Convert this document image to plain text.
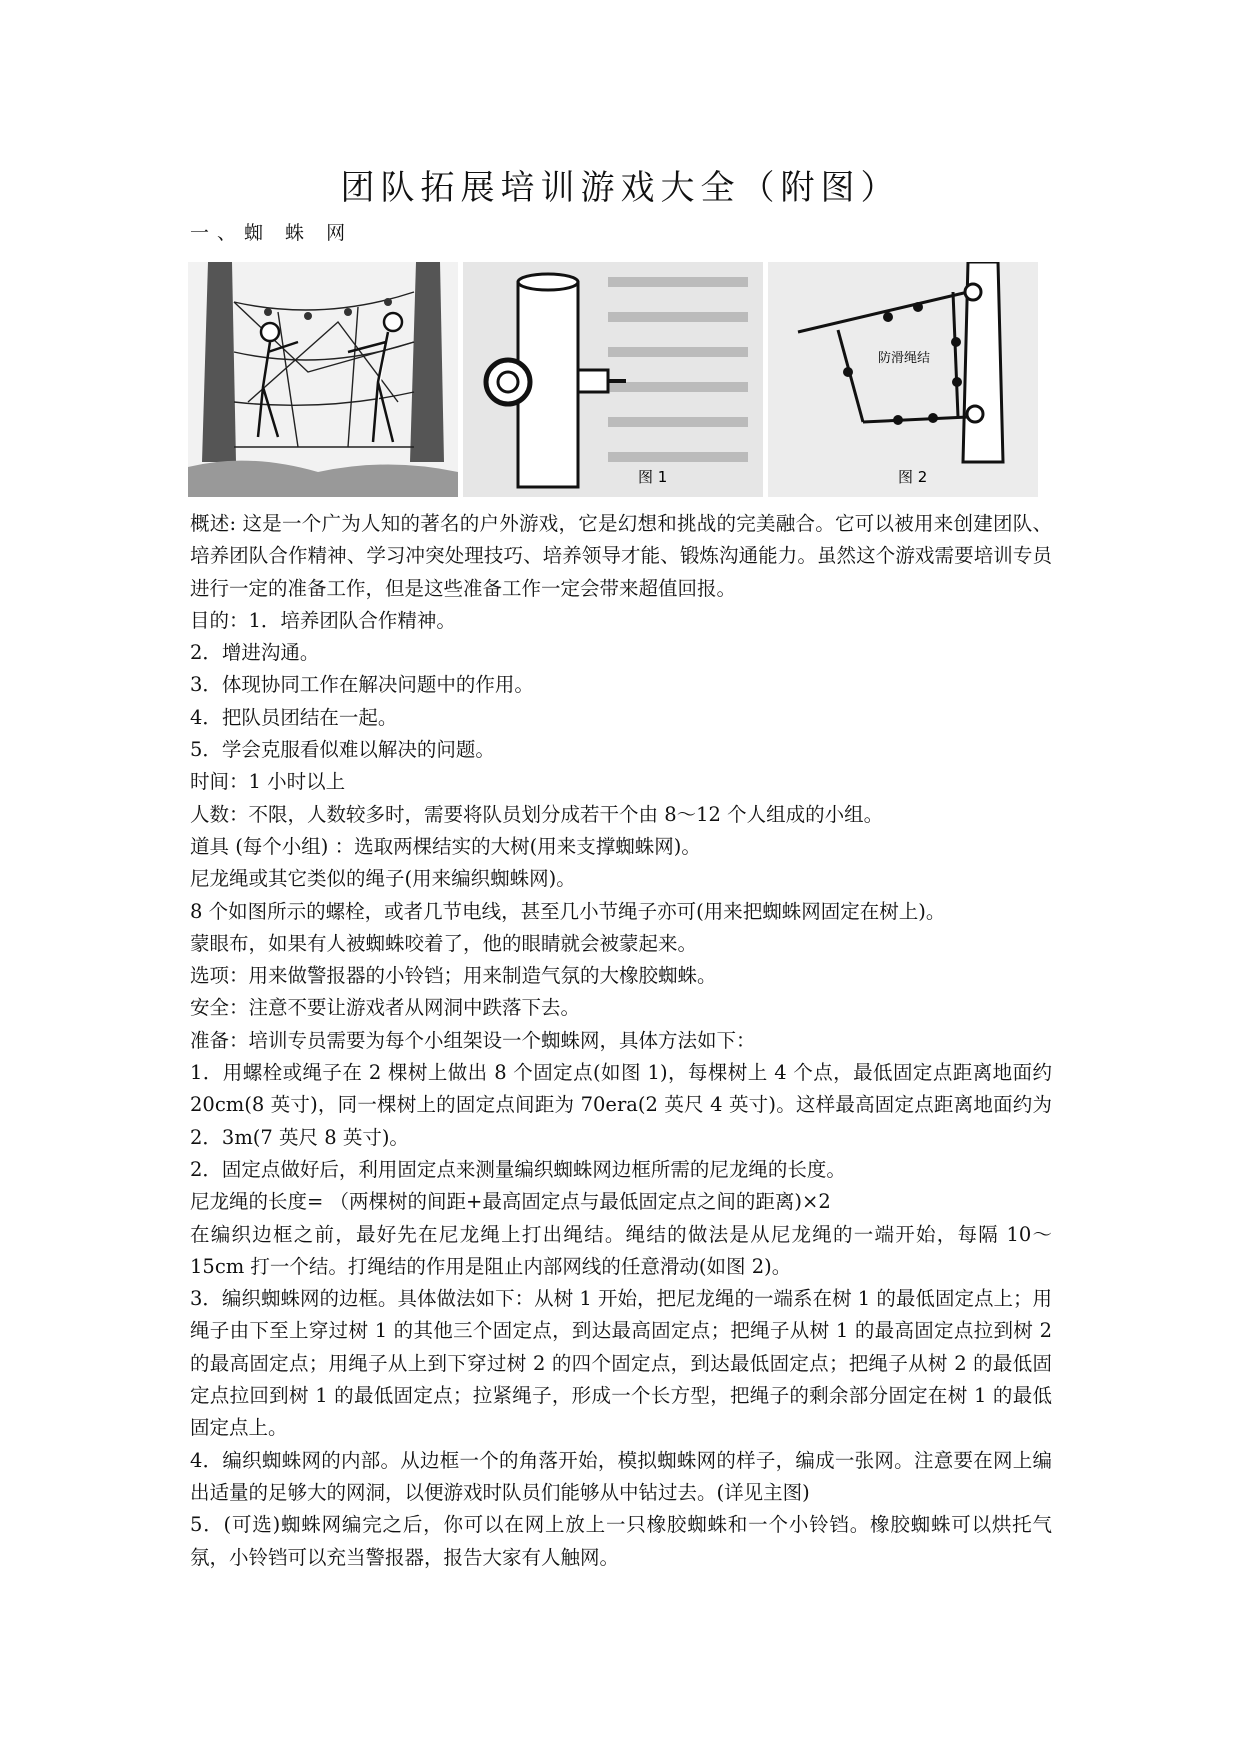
团队拓展培训游戏大全（附图）
一、蜘 蛛 网
图 1
防滑绳结
图 2

概述: 这是一个广为人知的著名的户外游戏，它是幻想和挑战的完美融合。它可以被用来创建团队、培养团队合作精神、学习冲突处理技巧、培养领导才能、锻炼沟通能力。虽然这个游戏需要培训专员进行一定的准备工作，但是这些准备工作一定会带来超值回报。

目的：1．培养团队合作精神。

2．增进沟通。

3．体现协同工作在解决问题中的作用。

4．把队员团结在一起。

5．学会克服看似难以解决的问题。

时间：1 小时以上

人数：不限，人数较多时，需要将队员划分成若干个由 8～12 个人组成的小组。

道具 (每个小组) ：选取两棵结实的大树(用来支撑蜘蛛网)。

尼龙绳或其它类似的绳子(用来编织蜘蛛网)。

8 个如图所示的螺栓，或者几节电线，甚至几小节绳子亦可(用来把蜘蛛网固定在树上)。

蒙眼布，如果有人被蜘蛛咬着了，他的眼睛就会被蒙起来。

选项：用来做警报器的小铃铛；用来制造气氛的大橡胶蜘蛛。

安全：注意不要让游戏者从网洞中跌落下去。

准备：培训专员需要为每个小组架设一个蜘蛛网，具体方法如下：

1．用螺栓或绳子在 2 棵树上做出 8 个固定点(如图 1)，每棵树上 4 个点，最低固定点距离地面约 20cm(8 英寸)，同一棵树上的固定点间距为 70era(2 英尺 4 英寸)。这样最高固定点距离地面约为 2．3m(7 英尺 8 英寸)。

2．固定点做好后，利用固定点来测量编织蜘蛛网边框所需的尼龙绳的长度。

尼龙绳的长度= （两棵树的间距+最高固定点与最低固定点之间的距离)×2

在编织边框之前，最好先在尼龙绳上打出绳结。绳结的做法是从尼龙绳的一端开始，每隔 10～15cm 打一个结。打绳结的作用是阻止内部网线的任意滑动(如图 2)。

3．编织蜘蛛网的边框。具体做法如下：从树 1 开始，把尼龙绳的一端系在树 1 的最低固定点上；用绳子由下至上穿过树 1 的其他三个固定点，到达最高固定点；把绳子从树 1 的最高固定点拉到树 2 的最高固定点；用绳子从上到下穿过树 2 的四个固定点，到达最低固定点；把绳子从树 2 的最低固定点拉回到树 1 的最低固定点；拉紧绳子，形成一个长方型，把绳子的剩余部分固定在树 1 的最低固定点上。

4．编织蜘蛛网的内部。从边框一个的角落开始，模拟蜘蛛网的样子，编成一张网。注意要在网上编出适量的足够大的网洞，以便游戏时队员们能够从中钻过去。(详见主图)

5．(可选)蜘蛛网编完之后，你可以在网上放上一只橡胶蜘蛛和一个小铃铛。橡胶蜘蛛可以烘托气氛，小铃铛可以充当警报器，报告大家有人触网。
